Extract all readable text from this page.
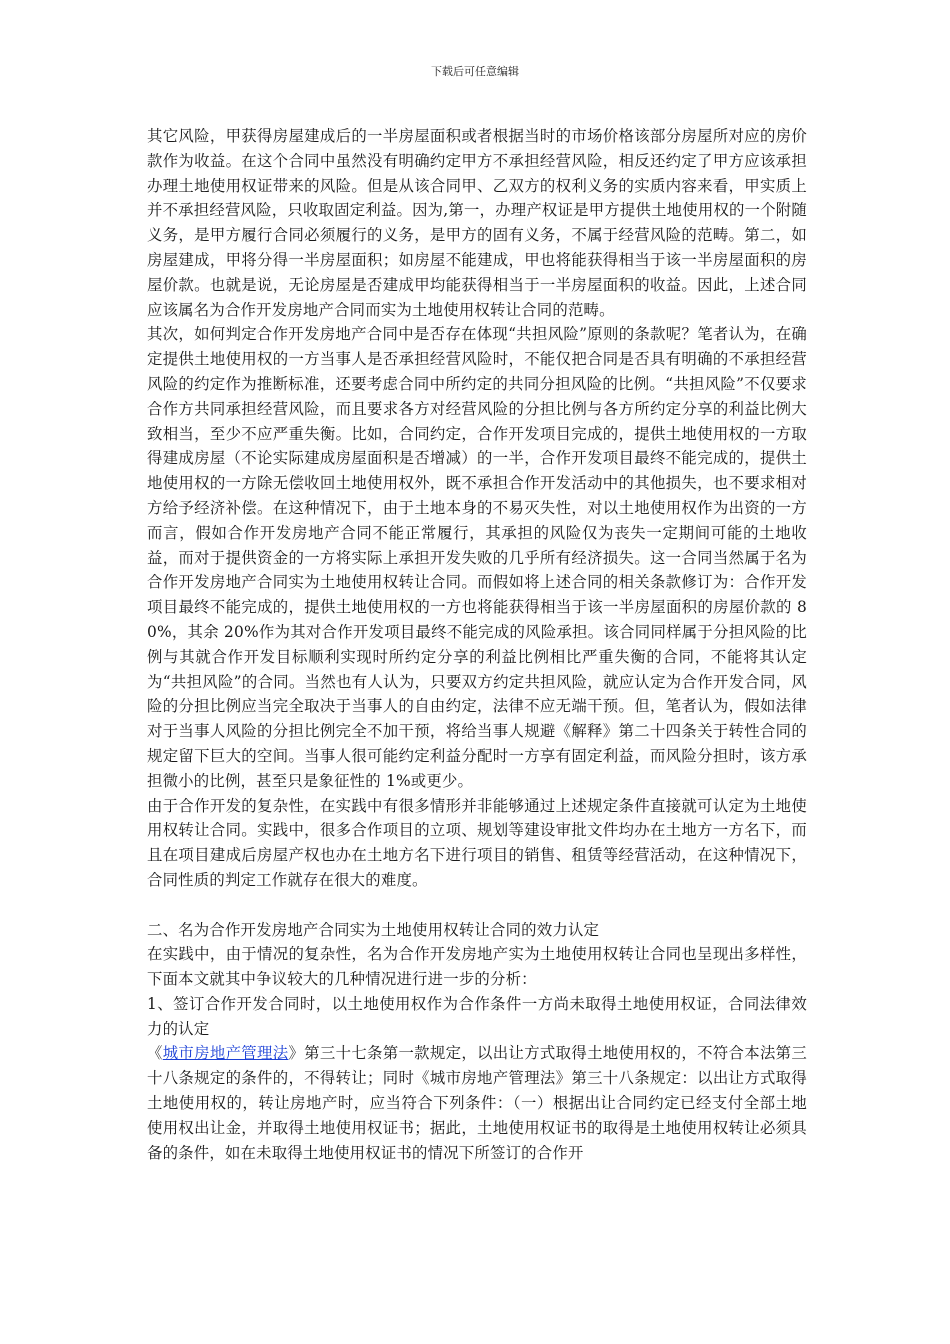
下载后可任意编辑

其它风险，甲获得房屋建成后的一半房屋面积或者根据当时的市场价格该部分房屋所对应的房价款作为收益。在这个合同中虽然没有明确约定甲方不承担经营风险，相反还约定了甲方应该承担办理土地使用权证带来的风险。但是从该合同甲、乙双方的权利义务的实质内容来看，甲实质上并不承担经营风险，只收取固定利益。因为,第一，办理产权证是甲方提供土地使用权的一个附随义务，是甲方履行合同必须履行的义务，是甲方的固有义务，不属于经营风险的范畴。第二，如房屋建成，甲将分得一半房屋面积；如房屋不能建成，甲也将能获得相当于该一半房屋面积的房屋价款。也就是说，无论房屋是否建成甲均能获得相当于一半房屋面积的收益。因此，上述合同应该属名为合作开发房地产合同而实为土地使用权转让合同的范畴。

其次，如何判定合作开发房地产合同中是否存在体现“共担风险”原则的条款呢？笔者认为，在确定提供土地使用权的一方当事人是否承担经营风险时，不能仅把合同是否具有明确的不承担经营风险的约定作为推断标准，还要考虑合同中所约定的共同分担风险的比例。“共担风险”不仅要求合作方共同承担经营风险，而且要求各方对经营风险的分担比例与各方所约定分享的利益比例大致相当，至少不应严重失衡。比如，合同约定，合作开发项目完成的，提供土地使用权的一方取得建成房屋（不论实际建成房屋面积是否增减）的一半，合作开发项目最终不能完成的，提供土地使用权的一方除无偿收回土地使用权外，既不承担合作开发活动中的其他损失，也不要求相对方给予经济补偿。在这种情况下，由于土地本身的不易灭失性，对以土地使用权作为出资的一方而言，假如合作开发房地产合同不能正常履行，其承担的风险仅为丧失一定期间可能的土地收益，而对于提供资金的一方将实际上承担开发失败的几乎所有经济损失。这一合同当然属于名为合作开发房地产合同实为土地使用权转让合同。而假如将上述合同的相关条款修订为：合作开发项目最终不能完成的，提供土地使用权的一方也将能获得相当于该一半房屋面积的房屋价款的 80%，其余 20%作为其对合作开发项目最终不能完成的风险承担。该合同同样属于分担风险的比例与其就合作开发目标顺利实现时所约定分享的利益比例相比严重失衡的合同，不能将其认定为“共担风险”的合同。当然也有人认为，只要双方约定共担风险，就应认定为合作开发合同，风险的分担比例应当完全取决于当事人的自由约定，法律不应无端干预。但，笔者认为，假如法律对于当事人风险的分担比例完全不加干预，将给当事人规避《解释》第二十四条关于转性合同的规定留下巨大的空间。当事人很可能约定利益分配时一方享有固定利益，而风险分担时，该方承担微小的比例，甚至只是象征性的 1%或更少。

由于合作开发的复杂性，在实践中有很多情形并非能够通过上述规定条件直接就可认定为土地使用权转让合同。实践中，很多合作项目的立项、规划等建设审批文件均办在土地方一方名下，而且在项目建成后房屋产权也办在土地方名下进行项目的销售、租赁等经营活动，在这种情况下，合同性质的判定工作就存在很大的难度。

二、名为合作开发房地产合同实为土地使用权转让合同的效力认定

在实践中，由于情况的复杂性，名为合作开发房地产实为土地使用权转让合同也呈现出多样性，下面本文就其中争议较大的几种情况进行进一步的分析：

1、签订合作开发合同时，以土地使用权作为合作条件一方尚未取得土地使用权证，合同法律效力的认定

《城市房地产管理法》第三十七条第一款规定，以出让方式取得土地使用权的，不符合本法第三十八条规定的条件的，不得转让；同时《城市房地产管理法》第三十八条规定：以出让方式取得土地使用权的，转让房地产时，应当符合下列条件：（一）根据出让合同约定已经支付全部土地使用权出让金，并取得土地使用权证书；据此，土地使用权证书的取得是土地使用权转让必须具备的条件，如在未取得土地使用权证书的情况下所签订的合作开
